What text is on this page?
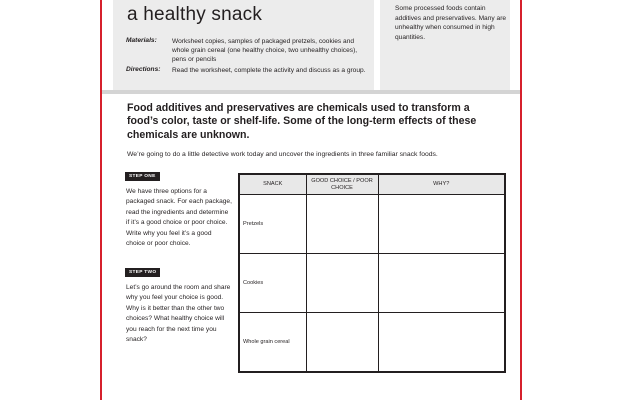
a healthy snack
Materials: Worksheet copies, samples of packaged pretzels, cookies and whole grain cereal (one healthy choice, two unhealthy choices), pens or pencils
Directions: Read the worksheet, complete the activity and discuss as a group.
Some processed foods contain additives and preservatives. Many are unhealthy when consumed in high quantities.
Food additives and preservatives are chemicals used to transform a food’s color, taste or shelf-life. Some of the long-term effects of these chemicals are unknown.
We’re going to do a little detective work today and uncover the ingredients in three familiar snack foods.
STEP ONE
We have three options for a packaged snack. For each package, read the ingredients and determine if it’s a good choice or poor choice. Write why you feel it’s a good choice or poor choice.
STEP TWO
Let’s go around the room and share why you feel your choice is good. Why is it better than the other two choices? What healthy choice will you reach for the next time you snack?
SNACK	GOOD CHOICE / POOR CHOICE	WHY?
Pretzels		
Cookies		
Whole grain cereal		
